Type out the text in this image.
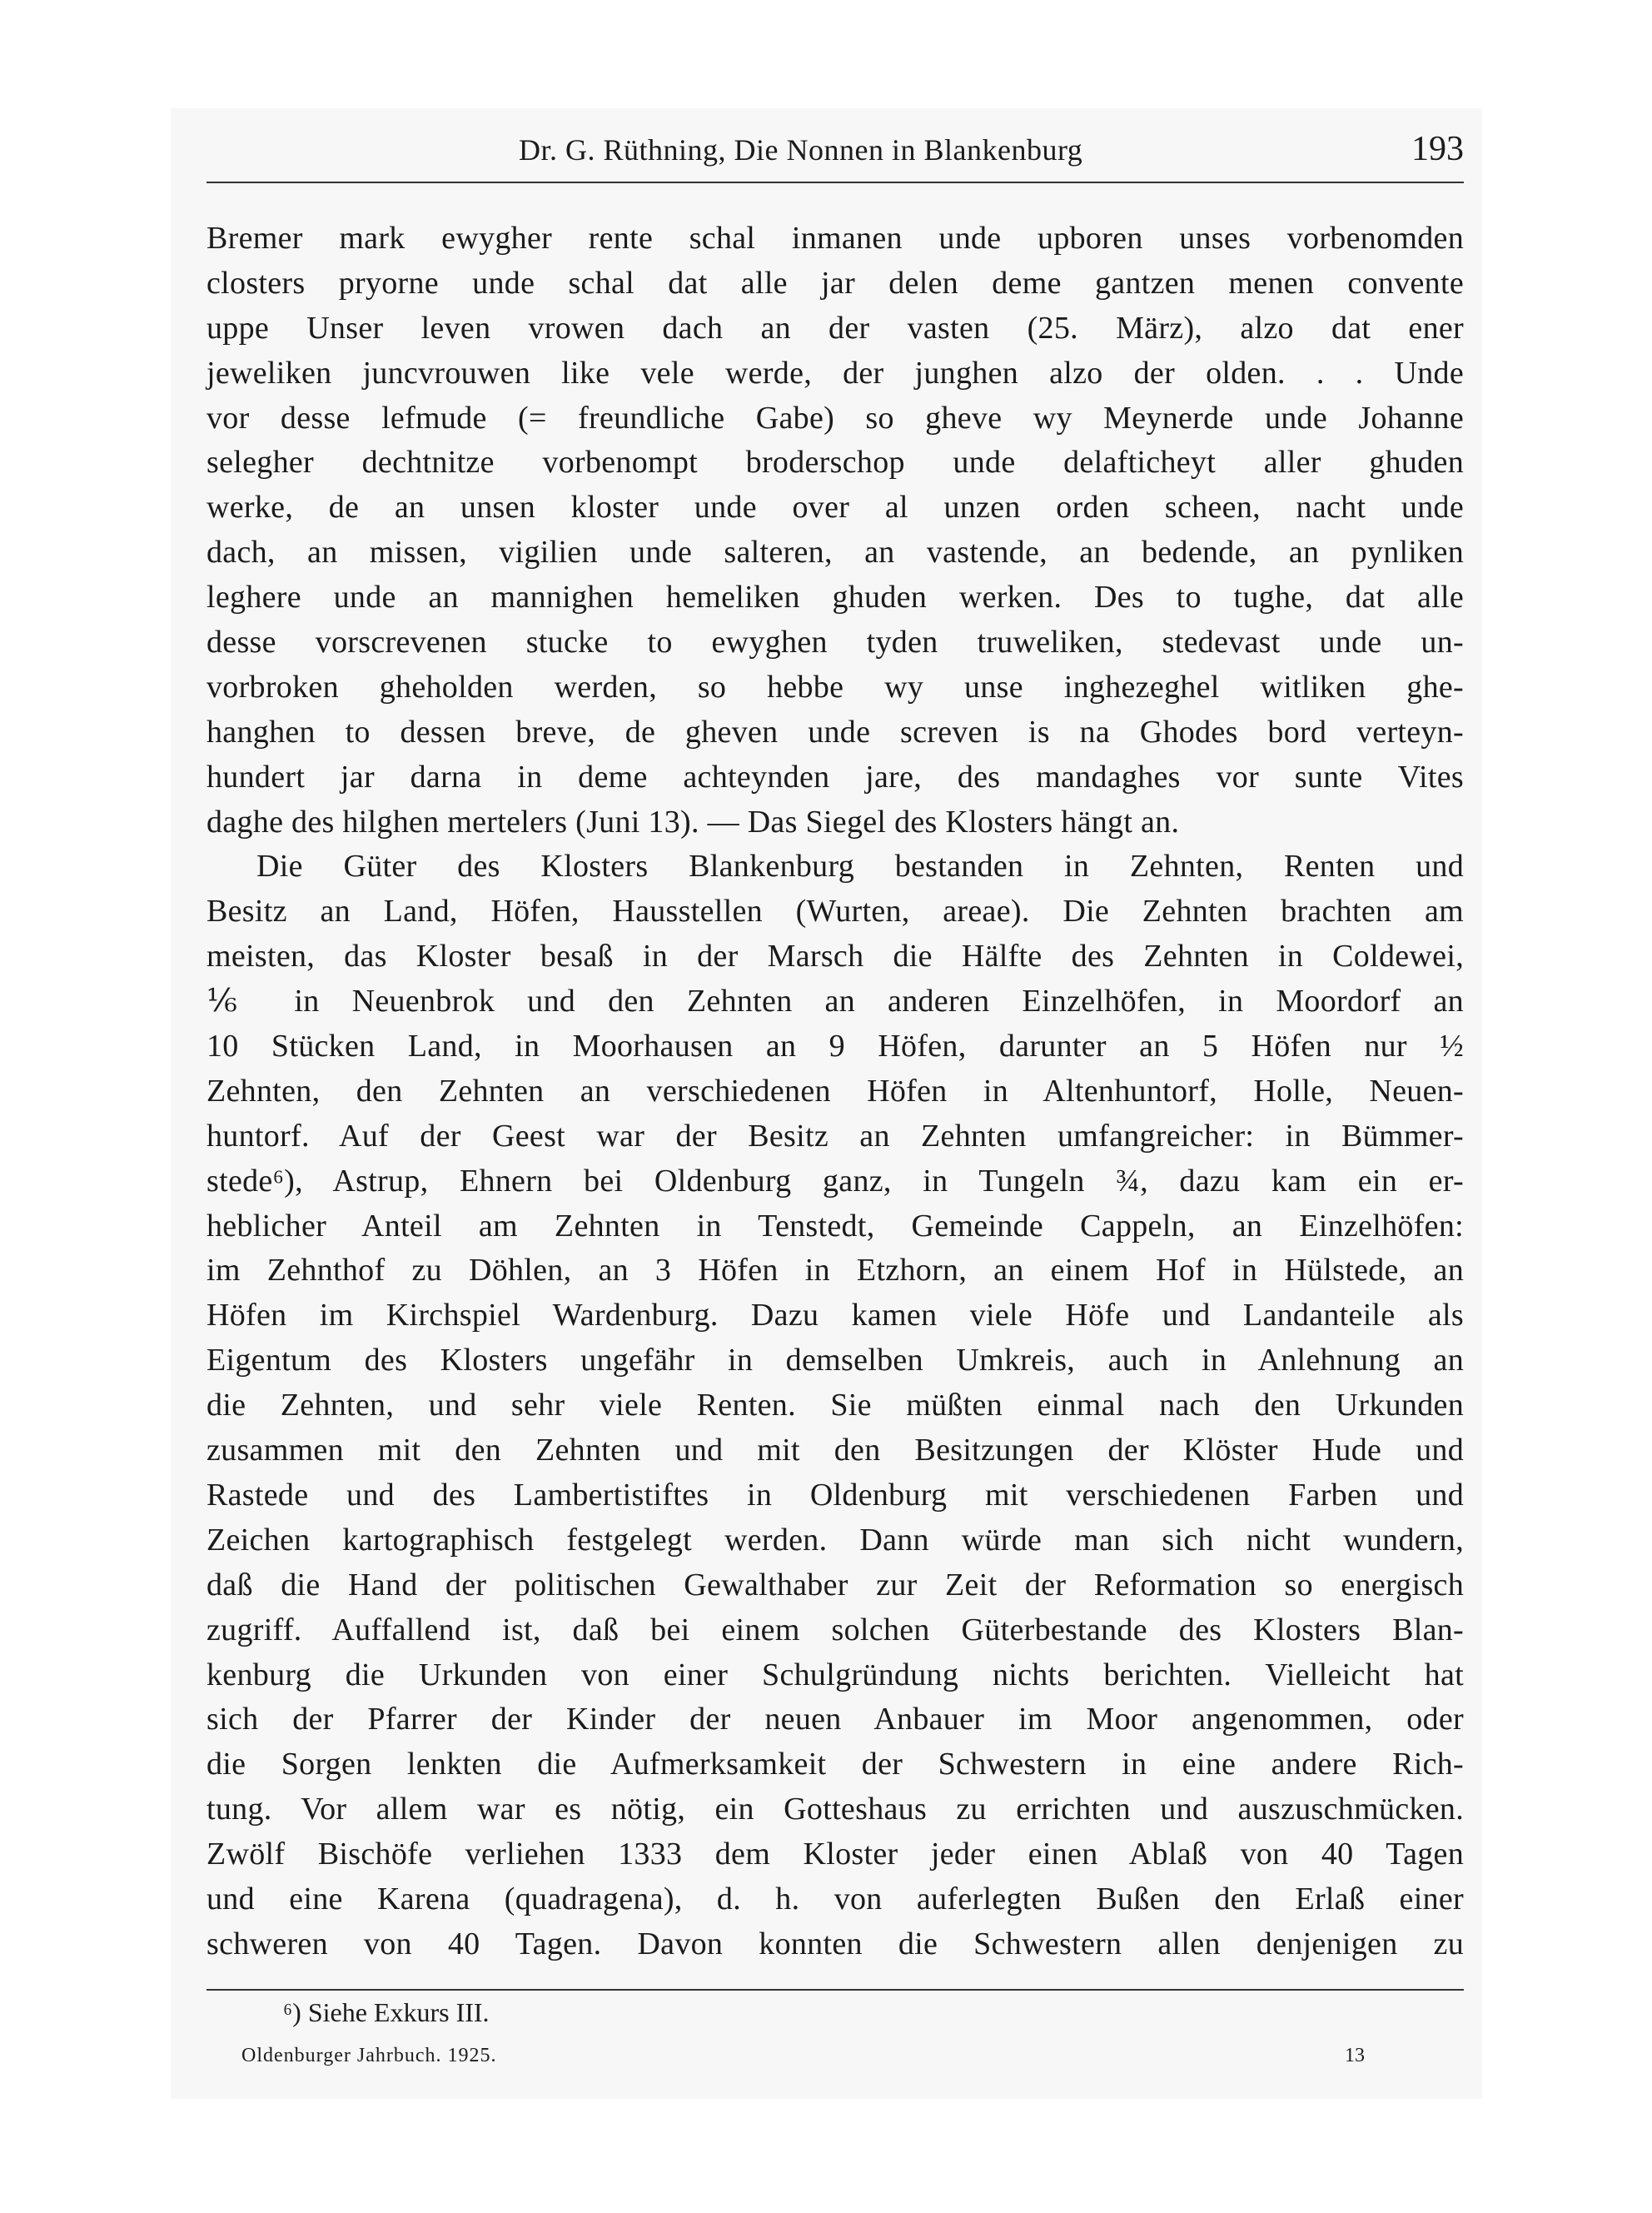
Dr. G. Rüthning, Die Nonnen in Blankenburg	193
Bremer mark ewygher rente schal inmanen unde upboren unses vorbenomden
closters pryorne unde schal dat alle jar delen deme gantzen menen convente
uppe Unser leven vrowen dach an der vasten (25. März), alzo dat ener
jeweliken juncvrouwen like vele werde, der junghen alzo der olden. . . Unde
vor desse lefmude (= freundliche Gabe) so gheve wy Meynerde unde Johanne
selegher dechtnitze vorbenompt broderschop unde delafticheyt aller ghuden
werke, de an unsen kloster unde over al unzen orden scheen, nacht unde
dach, an missen, vigilien unde salteren, an vastende, an bedende, an pynliken
leghere unde an mannighen hemeliken ghuden werken. Des to tughe, dat alle
desse vorscrevenen stucke to ewyghen tyden truweliken, stedevast unde un-
vorbroken gheholden werden, so hebbe wy unse inghezeghel witliken ghe-
hanghen to dessen breve, de gheven unde screven is na Ghodes bord verteyn-
hundert jar darna in deme achteynden jare, des mandaghes vor sunte Vites
daghe des hilghen mertelers (Juni 13). — Das Siegel des Klosters hängt an.
Die Güter des Klosters Blankenburg bestanden in Zehnten, Renten und
Besitz an Land, Höfen, Hausstellen (Wurten, areae). Die Zehnten brachten am
meisten, das Kloster besaß in der Marsch die Hälfte des Zehnten in Coldewei,
⅙ in Neuenbrok und den Zehnten an anderen Einzelhöfen, in Moordorf an
10 Stücken Land, in Moorhausen an 9 Höfen, darunter an 5 Höfen nur ½
Zehnten, den Zehnten an verschiedenen Höfen in Altenhuntorf, Holle, Neuen-
huntorf. Auf der Geest war der Besitz an Zehnten umfangreicher: in Bümmer-
stede⁶), Astrup, Ehnern bei Oldenburg ganz, in Tungeln ¾, dazu kam ein er-
heblicher Anteil am Zehnten in Tenstedt, Gemeinde Cappeln, an Einzelhöfen:
im Zehnthof zu Döhlen, an 3 Höfen in Etzhorn, an einem Hof in Hülstede, an
Höfen im Kirchspiel Wardenburg. Dazu kamen viele Höfe und Landanteile als
Eigentum des Klosters ungefähr in demselben Umkreis, auch in Anlehnung an
die Zehnten, und sehr viele Renten. Sie müßten einmal nach den Urkunden
zusammen mit den Zehnten und mit den Besitzungen der Klöster Hude und
Rastede und des Lambertistiftes in Oldenburg mit verschiedenen Farben und
Zeichen kartographisch festgelegt werden. Dann würde man sich nicht wundern,
daß die Hand der politischen Gewalthaber zur Zeit der Reformation so energisch
zugriff. Auffallend ist, daß bei einem solchen Güterbestande des Klosters Blan-
kenburg die Urkunden von einer Schulgründung nichts berichten. Vielleicht hat
sich der Pfarrer der Kinder der neuen Anbauer im Moor angenommen, oder
die Sorgen lenkten die Aufmerksamkeit der Schwestern in eine andere Rich-
tung. Vor allem war es nötig, ein Gotteshaus zu errichten und auszuschmücken.
Zwölf Bischöfe verliehen 1333 dem Kloster jeder einen Ablaß von 40 Tagen
und eine Karena (quadragena), d. h. von auferlegten Bußen den Erlaß einer
schweren von 40 Tagen. Davon konnten die Schwestern allen denjenigen zu
⁶) Siehe Exkurs III.
Oldenburger Jahrbuch. 1925.	13
